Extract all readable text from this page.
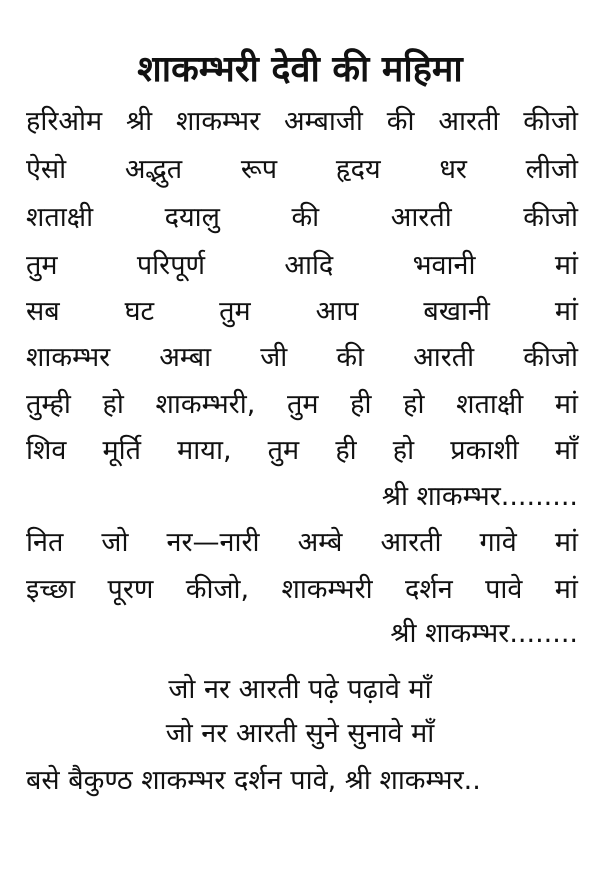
शाकम्भरी देवी की महिमा
हरिओम श्री शाकम्भर अम्बाजी की आरती कीजो
ऐसो अद्भुत रूप हृदय धर लीजो
शताक्षी	दयालु	की	आरती	कीजो
तुम	परिपूर्ण	आदि	भवानी	मां
सब घट तुम आप बखानी मां
शाकम्भर अम्बा जी की आरती कीजो
तुम्ही हो शाकम्भरी, तुम ही हो शताक्षी मां
शिव मूर्ति माया, तुम ही हो प्रकाशी माँ
श्री शाकम्भर.........
नित जो नर—नारी अम्बे आरती गावे मां
इच्छा पूरण कीजो, शाकम्भरी दर्शन पावे मां
श्री शाकम्भर........
जो नर आरती पढ़े पढ़ावे माँ
जो नर आरती सुने सुनावे माँ
बसे बैकुण्ठ शाकम्भर दर्शन पावे, श्री शाकम्भर..
